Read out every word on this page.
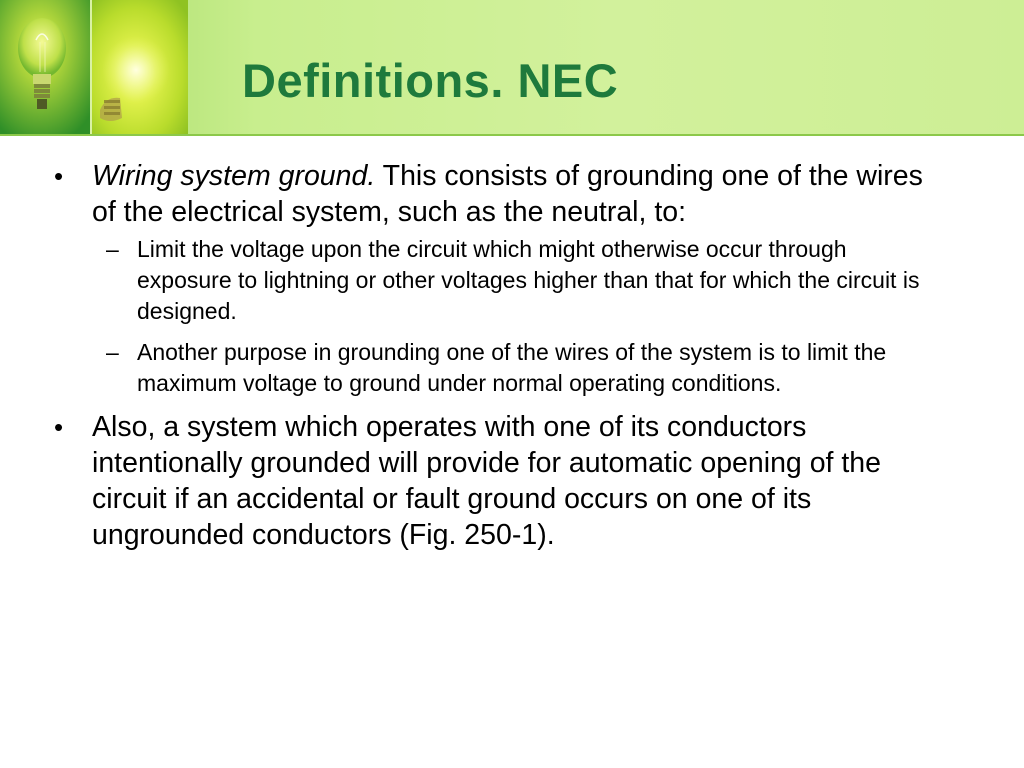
Definitions. NEC
• Wiring system ground. This consists of grounding one of the wires of the electrical system, such as the neutral, to:
– Limit the voltage upon the circuit which might otherwise occur through exposure to lightning or other voltages higher than that for which the circuit is designed.
– Another purpose in grounding one of the wires of the system is to limit the maximum voltage to ground under normal operating conditions.
• Also, a system which operates with one of its conductors intentionally grounded will provide for automatic opening of the circuit if an accidental or fault ground occurs on one of its ungrounded conductors (Fig. 250-1).
